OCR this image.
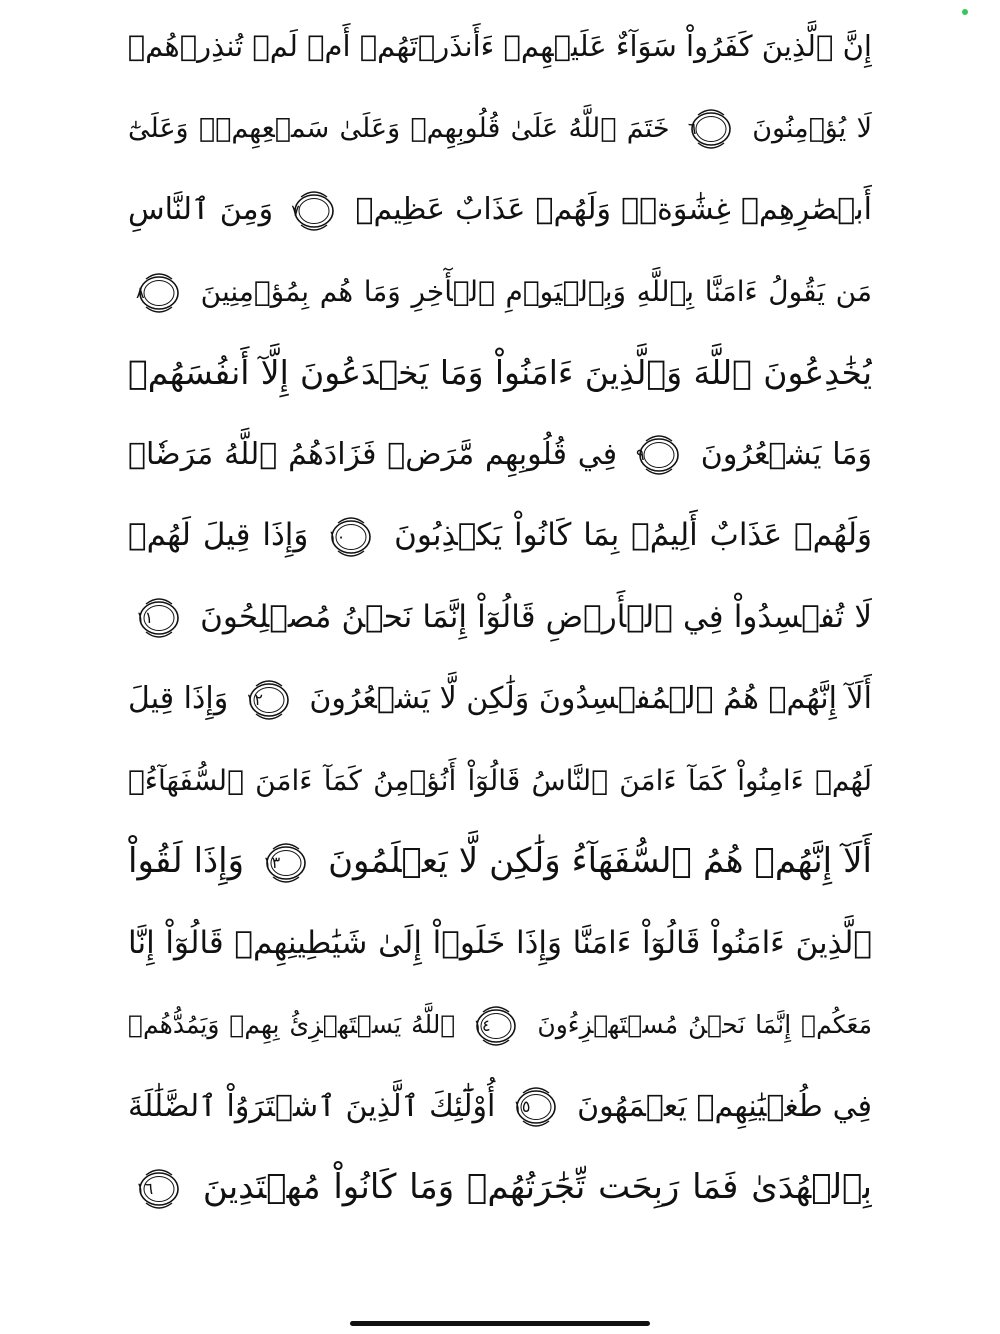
إِنَّ ٱلَّذِينَ كَفَرُواْ سَوَآءٌ عَلَيۡهِمۡ ءَأَنذَرۡتَهُمۡ أَمۡ لَمۡ تُنذِرۡهُمۡ
لَا يُؤۡمِنُونَ
٦
خَتَمَ ٱللَّهُ عَلَىٰ قُلُوبِهِمۡ وَعَلَىٰ سَمۡعِهِمۡۖ وَعَلَىٰٓ
أَبۡصَٰرِهِمۡ غِشَٰوَةٞۖ وَلَهُمۡ عَذَابٌ عَظِيمٞ
٧
وَمِنَ ٱلنَّاسِ
مَن يَقُولُ ءَامَنَّا بِٱللَّهِ وَبِٱلۡيَوۡمِ ٱلۡأٓخِرِ وَمَا هُم بِمُؤۡمِنِينَ
٨
يُخَٰدِعُونَ ٱللَّهَ وَٱلَّذِينَ ءَامَنُواْ وَمَا يَخۡدَعُونَ إِلَّآ أَنفُسَهُمۡ
وَمَا يَشۡعُرُونَ
٩
فِي قُلُوبِهِم مَّرَضٞ فَزَادَهُمُ ٱللَّهُ مَرَضٗاۖ
وَلَهُمۡ عَذَابٌ أَلِيمُۢ بِمَا كَانُواْ يَكۡذِبُونَ
١٠
وَإِذَا قِيلَ لَهُمۡ
لَا تُفۡسِدُواْ فِي ٱلۡأَرۡضِ قَالُوٓاْ إِنَّمَا نَحۡنُ مُصۡلِحُونَ
١١
أَلَآ إِنَّهُمۡ هُمُ ٱلۡمُفۡسِدُونَ وَلَٰكِن لَّا يَشۡعُرُونَ
١٢
وَإِذَا قِيلَ
لَهُمۡ ءَامِنُواْ كَمَآ ءَامَنَ ٱلنَّاسُ قَالُوٓاْ أَنُؤۡمِنُ كَمَآ ءَامَنَ ٱلسُّفَهَآءُۗ
أَلَآ إِنَّهُمۡ هُمُ ٱلسُّفَهَآءُ وَلَٰكِن لَّا يَعۡلَمُونَ
١٣
وَإِذَا لَقُواْ
ٱلَّذِينَ ءَامَنُواْ قَالُوٓاْ ءَامَنَّا وَإِذَا خَلَوۡاْ إِلَىٰ شَيَٰطِينِهِمۡ قَالُوٓاْ إِنَّا
مَعَكُمۡ إِنَّمَا نَحۡنُ مُسۡتَهۡزِءُونَ
١٤
ٱللَّهُ يَسۡتَهۡزِئُ بِهِمۡ وَيَمُدُّهُمۡ
فِي طُغۡيَٰنِهِمۡ يَعۡمَهُونَ
١٥
أُوْلَٰٓئِكَ ٱلَّذِينَ ٱشۡتَرَوُاْ ٱلضَّلَٰلَةَ
بِٱلۡهُدَىٰ فَمَا رَبِحَت تِّجَٰرَتُهُمۡ وَمَا كَانُواْ مُهۡتَدِينَ
١٦
